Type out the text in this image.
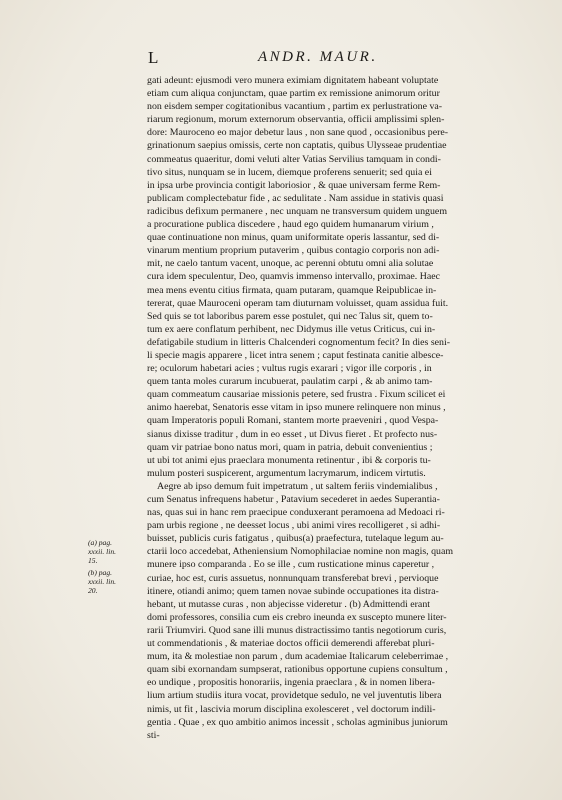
L	ANDR. MAUR.
gati adeunt: ejusmodi vero munera eximiam dignitatem habeant voluptate
etiam cum aliqua conjunctam, quae partim ex remissione animorum oritur
non eisdem semper cogitationibus vacantium , partim ex perlustratione va-
riarum regionum, morum externorum observantia, officii amplissimi splen-
dore: Mauroceno eo major debetur laus , non sane quod , occasionibus pere-
grinationum saepius omissis, certe non captatis, quibus Ulysseae prudentiae
commeatus quaeritur, domi veluti alter Vatias Servilius tamquam in condi-
tivo situs, nunquam se in lucem, diemque proferens senuerit; sed quia ei
in ipsa urbe provincia contigit laboriosior , & quae universam ferme Rem-
publicam complectebatur fide , ac sedulitate . Nam assidue in stativis quasi
radicibus defixum permanere , nec unquam ne transversum quidem unguem
a procuratione publica discedere , haud ego quidem humanarum virium ,
quae continuatione non minus, quam uniformitate operis lassantur, sed di-
vinarum mentium proprium putaverim , quibus contagio corporis non adi-
mit, ne caelo tantum vacent, unoque, ac perenni obtutu omni alia solutae
cura idem speculentur, Deo, quamvis immenso intervallo, proximae. Haec
mea mens eventu citius firmata, quam putaram, quamque Reipublicae in-
tererat, quae Mauroceni operam tam diuturnam voluisset, quam assidua fuit.
Sed quis se tot laboribus parem esse postulet, qui nec Talus sit, quem to-
tum ex aere conflatum perhibent, nec Didymus ille vetus Criticus, cui in-
defatigabile studium in litteris Chalcenderi cognomentum fecit? In dies seni-
li specie magis apparere , licet intra senem ; caput festinata canitie albesce-
re; oculorum habetari acies ; vultus rugis exarari ; vigor ille corporis , in
quem tanta moles curarum incubuerat, paulatim carpi , & ab animo tam-
quam commeatum causariae missionis petere, sed frustra . Fixum scilicet ei
animo haerebat, Senatoris esse vitam in ipso munere relinquere non minus ,
quam Imperatoris populi Romani, stantem morte praeveniri , quod Vespa-
sianus dixisse traditur , dum in eo esset , ut Divus fieret . Et profecto nus-
quam vir patriae bono natus mori, quam in patria, debuit convenientius ;
ut ubi tot animi ejus praeclara monumenta retinentur , ibi & corporis tu-
mulum posteri suspicerent, argumentum lacrymarum, indicem virtutis.
Aegre ab ipso demum fuit impetratum , ut saltem feriis vindemialibus ,
cum Senatus infrequens habetur , Patavium secederet in aedes Superantia-
nas, quas sui in hanc rem praecipue conduxerant peramoena ad Medoaci ri-
pam urbis regione , ne deesset locus , ubi animi vires recolligeret , si adhi-
buisset, publicis curis fatigatus , quibus(a) praefectura, tutelaque legum au-
ctarii loco accedebat, Atheniensium Nomophilaciae nomine non magis, quam
munere ipso comparanda . Eo se ille , cum rusticatione minus caperetur ,
curiae, hoc est, curis assuetus, nonnunquam transferebat brevi , pervioque
itinere, otiandi animo; quem tamen novae subinde occupationes ita distra-
hebant, ut mutasse curas , non abjecisse videretur . (b) Admittendi erant
domi professores, consilia cum eis crebro ineunda ex suscepto munere liter-
rarii Triumviri. Quod sane illi munus distractissimo tantis negotiorum curis,
ut commendationis , & materiae doctos officii demerendi afferebat pluri-
mum, ita & molestiae non parum , dum academiae Italicarum celeberrimae ,
quam sibi exornandam sumpserat, rationibus opportune cupiens consultum ,
eo undique , propositis honorariis, ingenia praeclara , & in nomen libera-
lium artium studiis itura vocat, providetque sedulo, ne vel juventutis libera
nimis, ut fit , lascivia morum disciplina exolesceret , vel doctorum indili-
gentia . Quae , ex quo ambitio animos incessit , scholas agminibus juniorum
sti-
(a) pag.
xxxii. lin.
15.
(b) pag.
xxxii. lin.
20.
